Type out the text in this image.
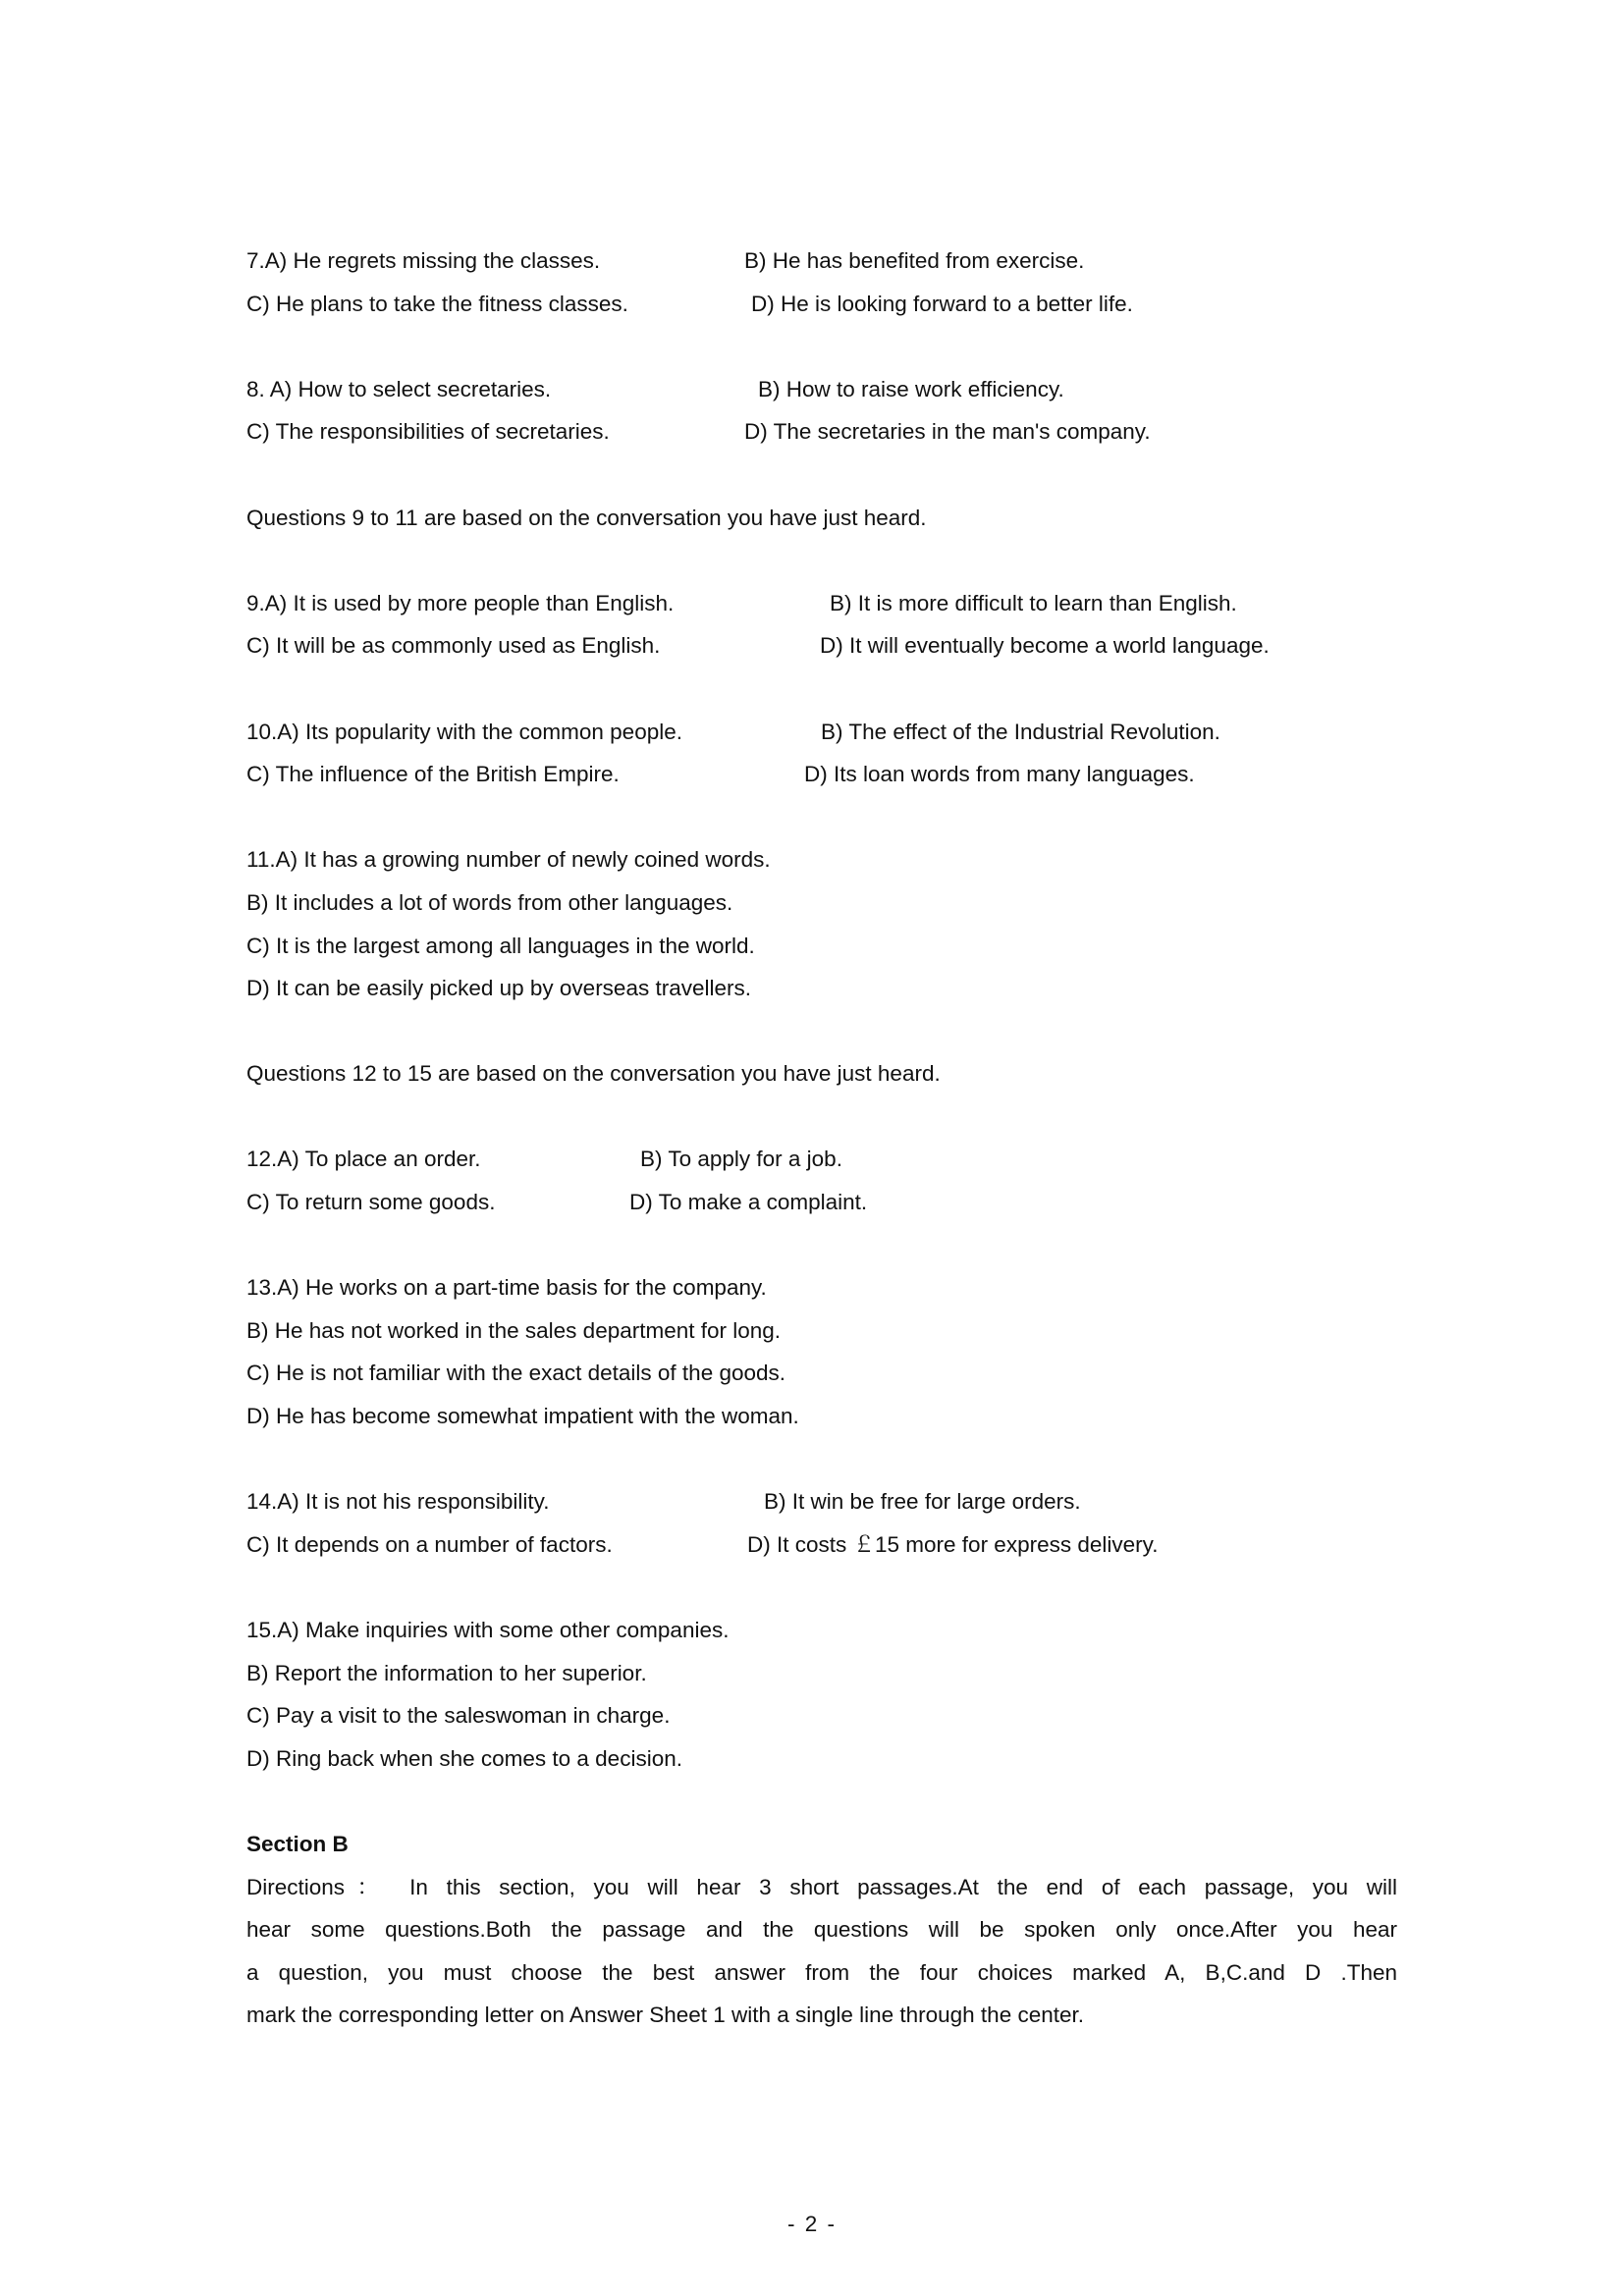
7.A) He regrets missing the classes.	B) He has benefited from exercise.
C) He plans to take the fitness classes.	D) He is looking forward to a better life.
8. A) How to select secretaries.	B) How to raise work efficiency.
C) The responsibilities of secretaries.	D) The secretaries in the man's company.
Questions 9 to 11 are based on the conversation you have just heard.
9.A) It is used by more people than English.	B) It is more difficult to learn than English.
C) It will be as commonly used as English.	D) It will eventually become a world language.
10.A) Its popularity with the common people.	B) The effect of the Industrial Revolution.
C) The influence of the British Empire.	D) Its loan words from many languages.
11.A) It has a growing number of newly coined words.
B) It includes a lot of words from other languages.
C) It is the largest among all languages in the world.
D) It can be easily picked up by overseas travellers.
Questions 12 to 15 are based on the conversation you have just heard.
12.A) To place an order.	B) To apply for a job.
C) To return some goods.	D) To make a complaint.
13.A) He works on a part-time basis for the company.
B) He has not worked in the sales department for long.
C) He is not familiar with the exact details of the goods.
D) He has become somewhat impatient with the woman.
14.A) It is not his responsibility.	B) It win be free for large orders.
C) It depends on a number of factors.	D) It costs ￡15 more for express delivery.
15.A) Make inquiries with some other companies.
B) Report the information to her superior.
C) Pay a visit to the saleswoman in charge.
D) Ring back when she comes to a decision.
Section B
Directions： In this section, you will hear 3 short passages.At the end of each passage, you will
hear some questions.Both the passage and the questions will be spoken only once.After you hear
a question, you must choose the best answer from the four choices marked A, B,C.and D .Then
mark the corresponding letter on Answer Sheet 1 with a single line through the center.
- 2 -
